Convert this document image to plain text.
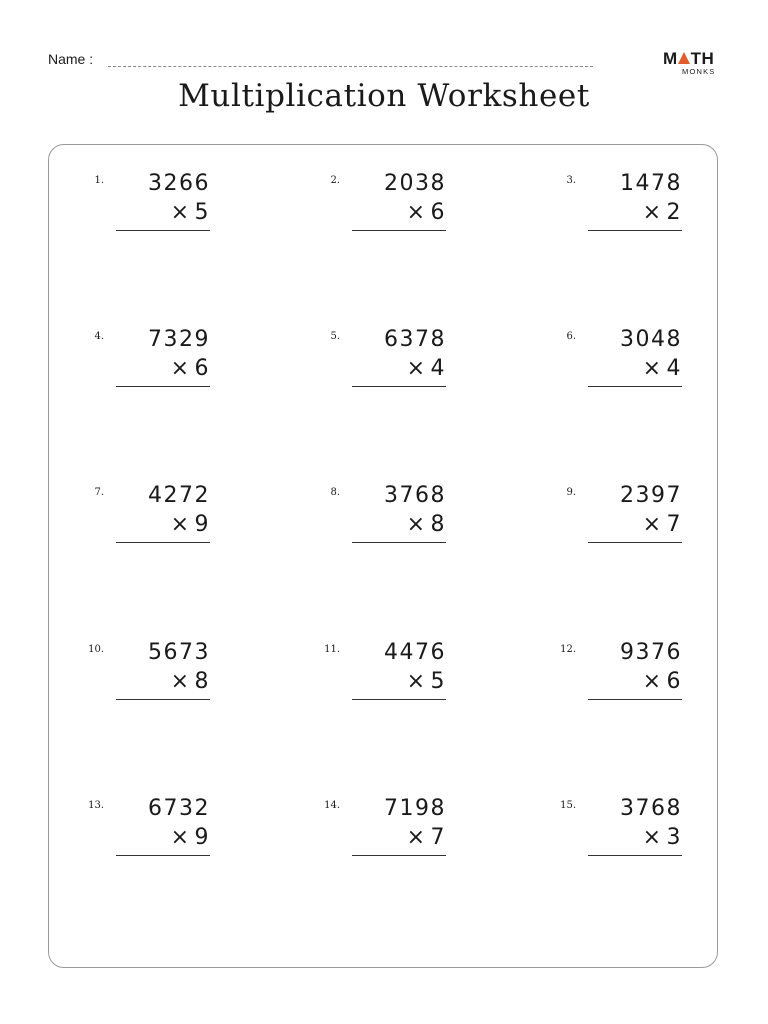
Name :	M TH
MONKS
Multiplication Worksheet
1.	3266
× 5
2.	2038
× 6
3.	1478
× 2
4.	7329
× 6
5.	6378
× 4
6.	3048
× 4
7.	4272
× 9
8.	3768
× 8
9.	2397
× 7
10.	5673
× 8
11.	4476
× 5
12.	9376
× 6
13.	6732
× 9
14.	7198
× 7
15.	3768
× 3
